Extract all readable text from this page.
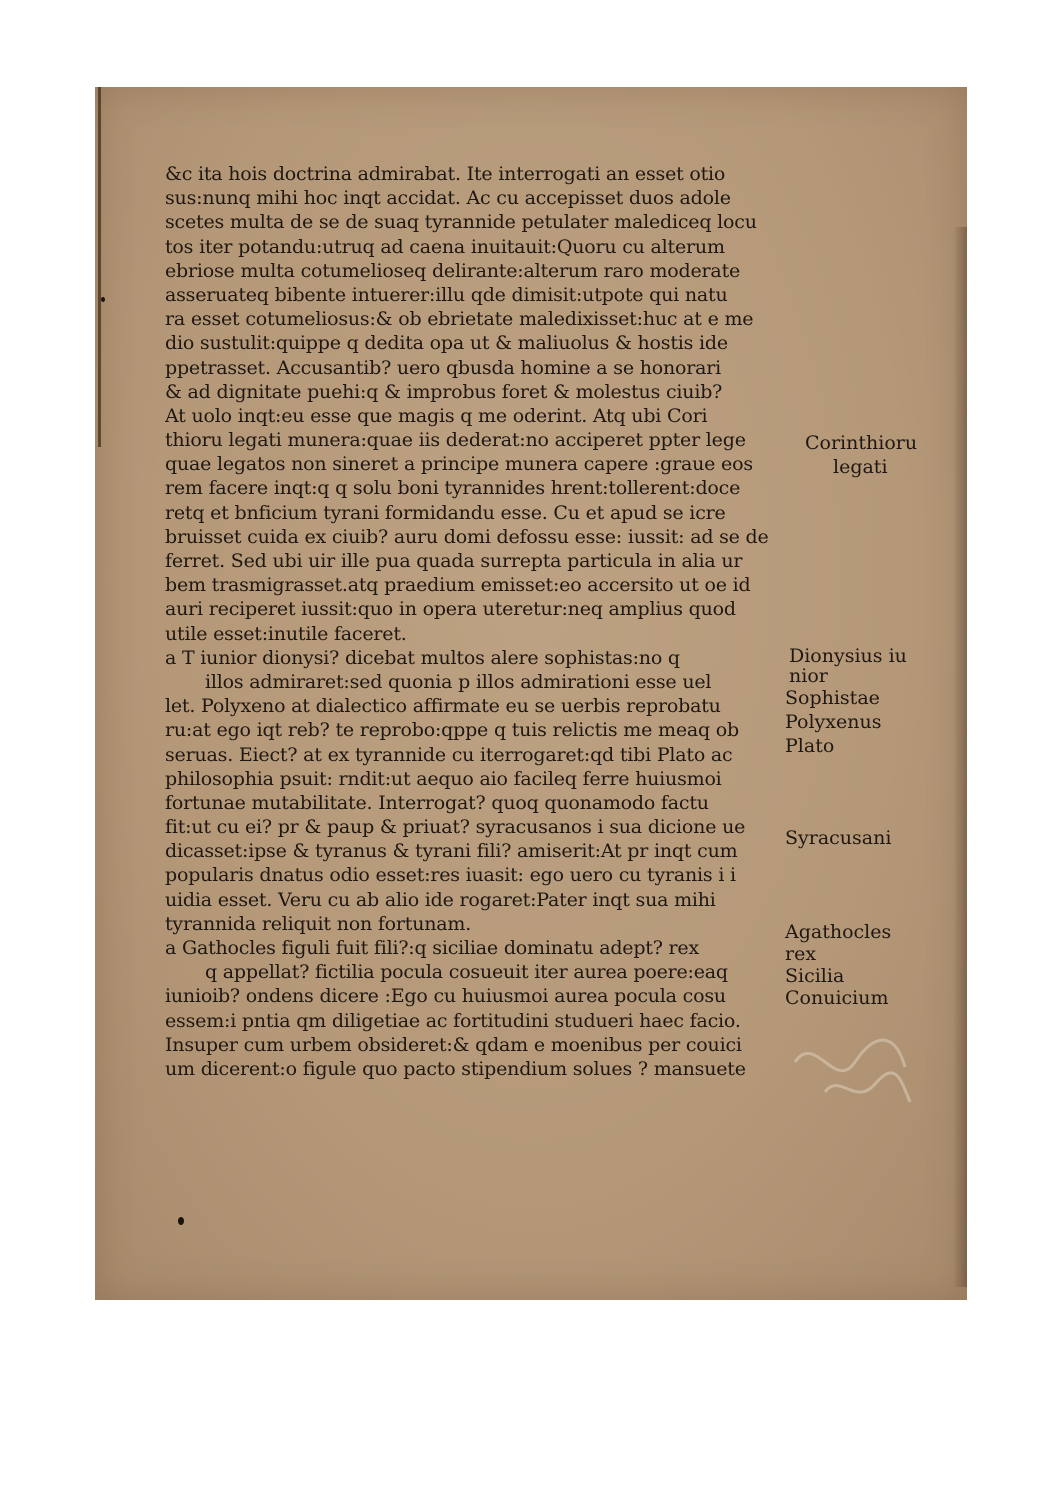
&c ita hois doctrina admirabat. Ite interrogati an esset otio
sus:nunq mihi hoc inqt accidat. Ac cu accepisset duos adole
scetes multa de se de suaq tyrannide petulater malediceq locu
tos iter potandu:utruq ad caena inuitauit:Quoru cu alterum
ebriose multa cotumelioseq delirante:alterum raro moderate
asseruateq bibente intuerer:illu qde dimisit:utpote qui natu
ra esset cotumeliosus:& ob ebrietate maledixisset:huc at e me
dio sustulit:quippe q dedita opa ut & maliuolus & hostis ide
ppetrasset. Accusantib? uero qbusda homine a se honorari
& ad dignitate puehi:q & improbus foret & molestus ciuib?
At uolo inqt:eu esse que magis q me oderint. Atq ubi Cori
thioru legati munera:quae iis dederat:no acciperet ppter lege
quae legatos non sineret a principe munera capere :graue eos
rem facere inqt:q q solu boni tyrannides hrent:tollerent:doce
retq et bnficium tyrani formidandu esse. Cu et apud se icre
bruisset cuida ex ciuib? auru domi defossu esse: iussit: ad se de
ferret. Sed ubi uir ille pua quada surrepta particula in alia ur
bem trasmigrasset.atq praedium emisset:eo accersito ut oe id
auri reciperet iussit:quo in opera uteretur:neq amplius quod
utile esset:inutile faceret.
a T iunior dionysi? dicebat multos alere sophistas:no q
illos admiraret:sed quonia p illos admirationi esse uel
let. Polyxeno at dialectico affirmate eu se uerbis reprobatu
ru:at ego iqt reb? te reprobo:qppe q tuis relictis me meaq ob
seruas. Eiect? at ex tyrannide cu iterrogaret:qd tibi Plato ac
philosophia psuit: rndit:ut aequo aio facileq ferre huiusmoi
fortunae mutabilitate. Interrogat? quoq quonamodo factu
fit:ut cu ei? pr & paup & priuat? syracusanos i sua dicione ue
dicasset:ipse & tyranus & tyrani fili? amiserit:At pr inqt cum
popularis dnatus odio esset:res iuasit: ego uero cu tyranis i i
uidia esset. Veru cu ab alio ide rogaret:Pater inqt sua mihi
tyrannida reliquit non fortunam.
a Gathocles figuli fuit fili?:q siciliae dominatu adept? rex
q appellat? fictilia pocula cosueuit iter aurea poere:eaq
iunioib? ondens dicere :Ego cu huiusmoi aurea pocula cosu
essem:i pntia qm diligetiae ac fortitudini studueri haec facio.
Insuper cum urbem obsideret:& qdam e moenibus per couici
um dicerent:o figule quo pacto stipendium solues ? mansuete
Corinthioru
legati
Dionysius iu
nior
Sophistae
Polyxenus
Plato
Syracusani
Agathocles
rex
Sicilia
Conuicium
